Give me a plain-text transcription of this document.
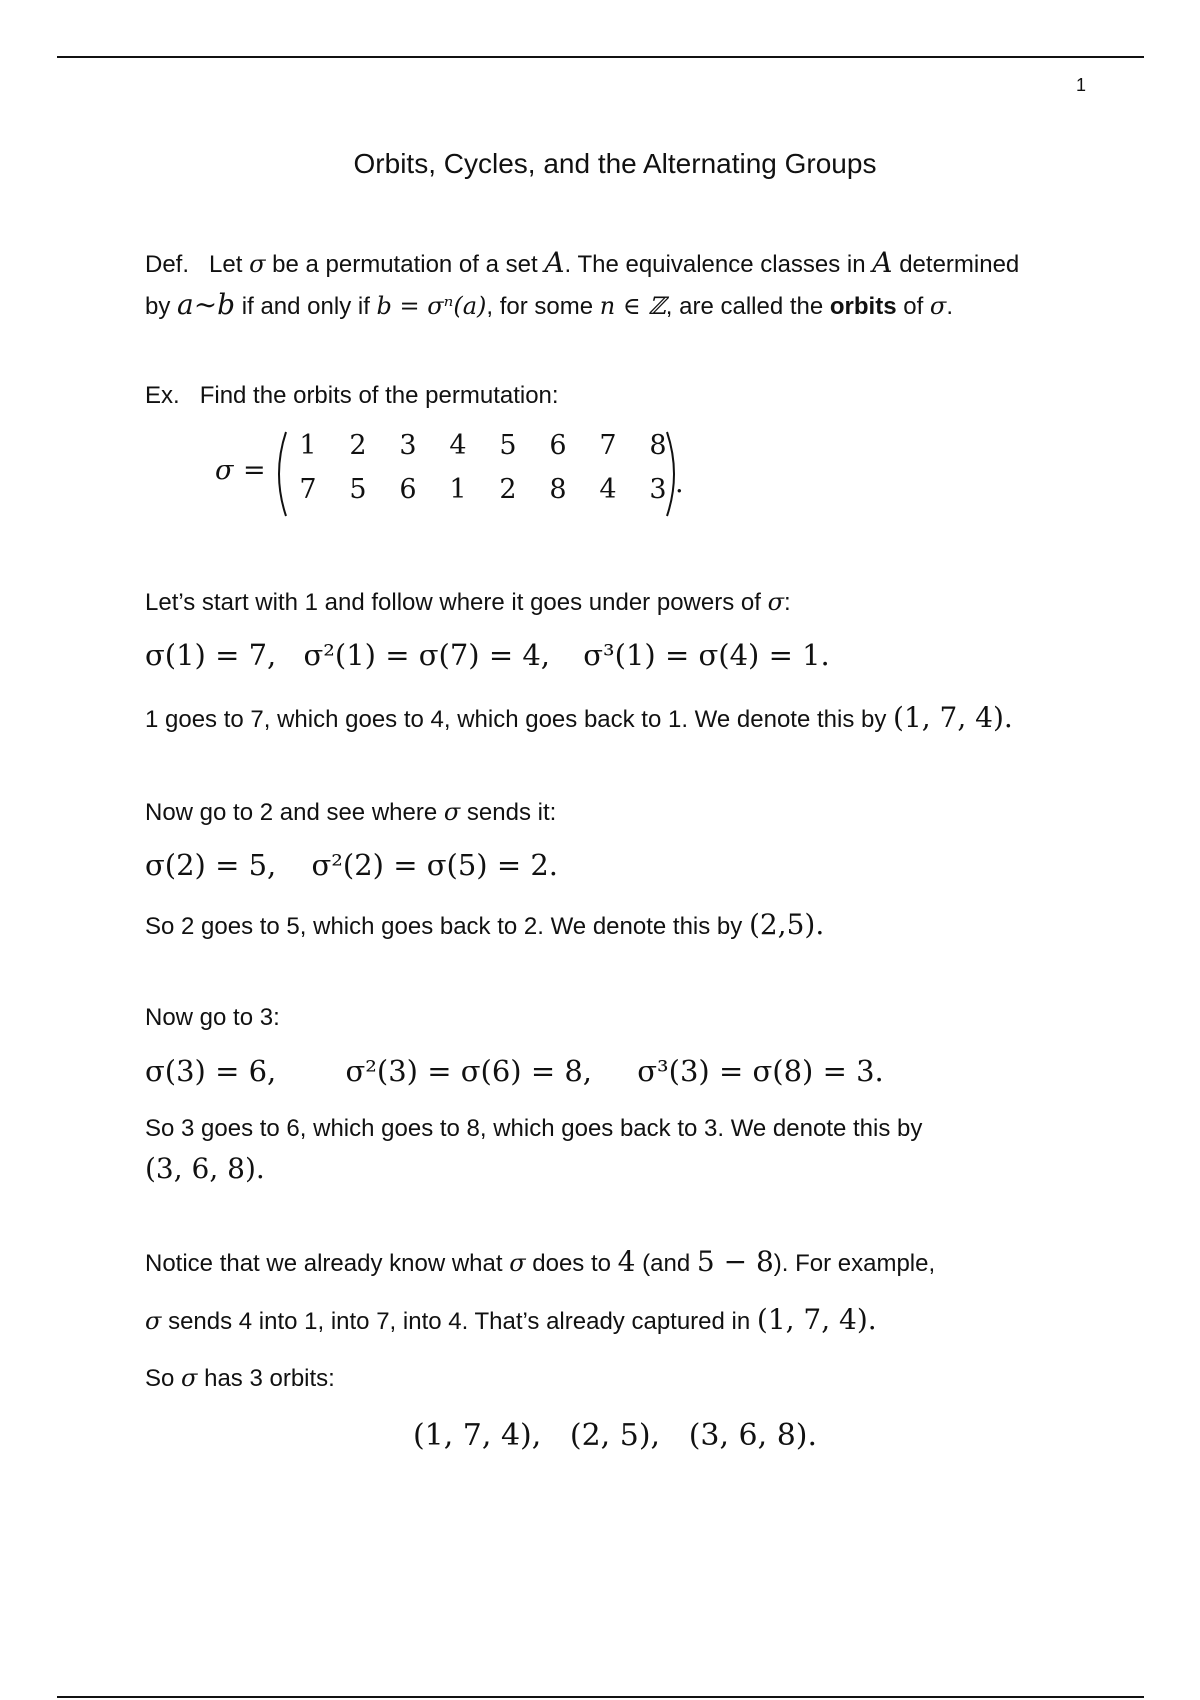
1
Orbits, Cycles, and the Alternating Groups
Def. Let σ be a permutation of a set A. The equivalence classes in A determined
by a∼b if and only if b = σⁿ(a), for some n ∈ ℤ, are called the orbits of σ.
Ex. Find the orbits of the permutation:
σ =
1	2	3	4	5	6	7	8
7	5	6	1	2	8	4	3 .
Let’s start with 1 and follow where it goes under powers of σ:
σ(1) = 7, σ²(1) = σ(7) = 4, σ³(1) = σ(4) = 1.
1 goes to 7, which goes to 4, which goes back to 1. We denote this by (1, 7, 4).
Now go to 2 and see where σ sends it:
σ(2) = 5, σ²(2) = σ(5) = 2.
So 2 goes to 5, which goes back to 2. We denote this by (2,5).
Now go to 3:
σ(3) = 6, σ²(3) = σ(6) = 8, σ³(3) = σ(8) = 3.
So 3 goes to 6, which goes to 8, which goes back to 3. We denote this by
(3, 6, 8).
Notice that we already know what σ does to 4 (and 5 − 8). For example,
σ sends 4 into 1, into 7, into 4. That’s already captured in (1, 7, 4).
So σ has 3 orbits:
(1, 7, 4),   (2, 5),   (3, 6, 8).
